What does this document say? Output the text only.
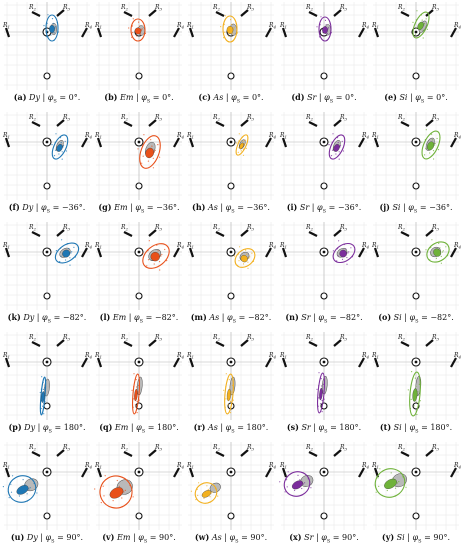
$R_1$
$R_2$	$R_3$
$R_4$
(a) Dy | $\varphi_S = 0^\circ$.
$R_1$
$R_2$	$R_3$
$R_4$
(b) Em | $\varphi_S = 0^\circ$.
$R_1$
$R_2$	$R_3$
$R_4$
(c) As | $\varphi_S = 0^\circ$.
$R_1$
$R_2$	$R_3$
$R_4$
(d) Sr | $\varphi_S = 0^\circ$.
$R_1$
$R_2$	$R_3$
$R_4$
(e) Si | $\varphi_S = 0^\circ$.
$R_1$
$R_2$	$R_3$
$R_4$
(f) Dy | $\varphi_S = -36^\circ$.
$R_1$
$R_2$	$R_3$
$R_4$
(g) Em | $\varphi_S = -36^\circ$.
$R_1$
$R_2$	$R_3$
$R_4$
(h) As | $\varphi_S = -36^\circ$.
$R_1$
$R_2$	$R_3$
$R_4$
(i) Sr | $\varphi_S = -36^\circ$.
$R_1$
$R_2$	$R_3$
$R_4$
(j) Si | $\varphi_S = -36^\circ$.
$R_1$
$R_2$	$R_3$
$R_4$
(k) Dy | $\varphi_S = -82^\circ$.
$R_1$
$R_2$	$R_3$
$R_4$
(l) Em | $\varphi_S = -82^\circ$.
$R_1$
$R_2$	$R_3$
$R_4$
(m) As | $\varphi_S = -82^\circ$.
$R_1$
$R_2$	$R_3$
$R_4$
(n) Sr | $\varphi_S = -82^\circ$.
$R_1$
$R_2$	$R_3$
$R_4$
(o) Si | $\varphi_S = -82^\circ$.
$R_1$
$R_2$	$R_3$
$R_4$
(p) Dy | $\varphi_S = 180^\circ$.
$R_1$
$R_2$	$R_3$
$R_4$
(q) Em | $\varphi_S = 180^\circ$.
$R_1$
$R_2$	$R_3$
$R_4$
(r) As | $\varphi_S = 180^\circ$.
$R_1$
$R_2$	$R_3$
$R_4$
(s) Sr | $\varphi_S = 180^\circ$.
$R_1$
$R_2$	$R_3$
$R_4$
(t) Si | $\varphi_S = 180^\circ$.
$R_1$
$R_2$	$R_3$
$R_4$
(u) Dy | $\varphi_S = 90^\circ$.
$R_1$
$R_2$	$R_3$
$R_4$
(v) Em | $\varphi_S = 90^\circ$.
$R_1$
$R_2$	$R_3$
$R_4$
(w) As | $\varphi_S = 90^\circ$.
$R_1$
$R_2$	$R_3$
$R_4$
(x) Sr | $\varphi_S = 90^\circ$.
$R_1$
$R_2$	$R_3$
$R_4$
(y) Si | $\varphi_S = 90^\circ$.
